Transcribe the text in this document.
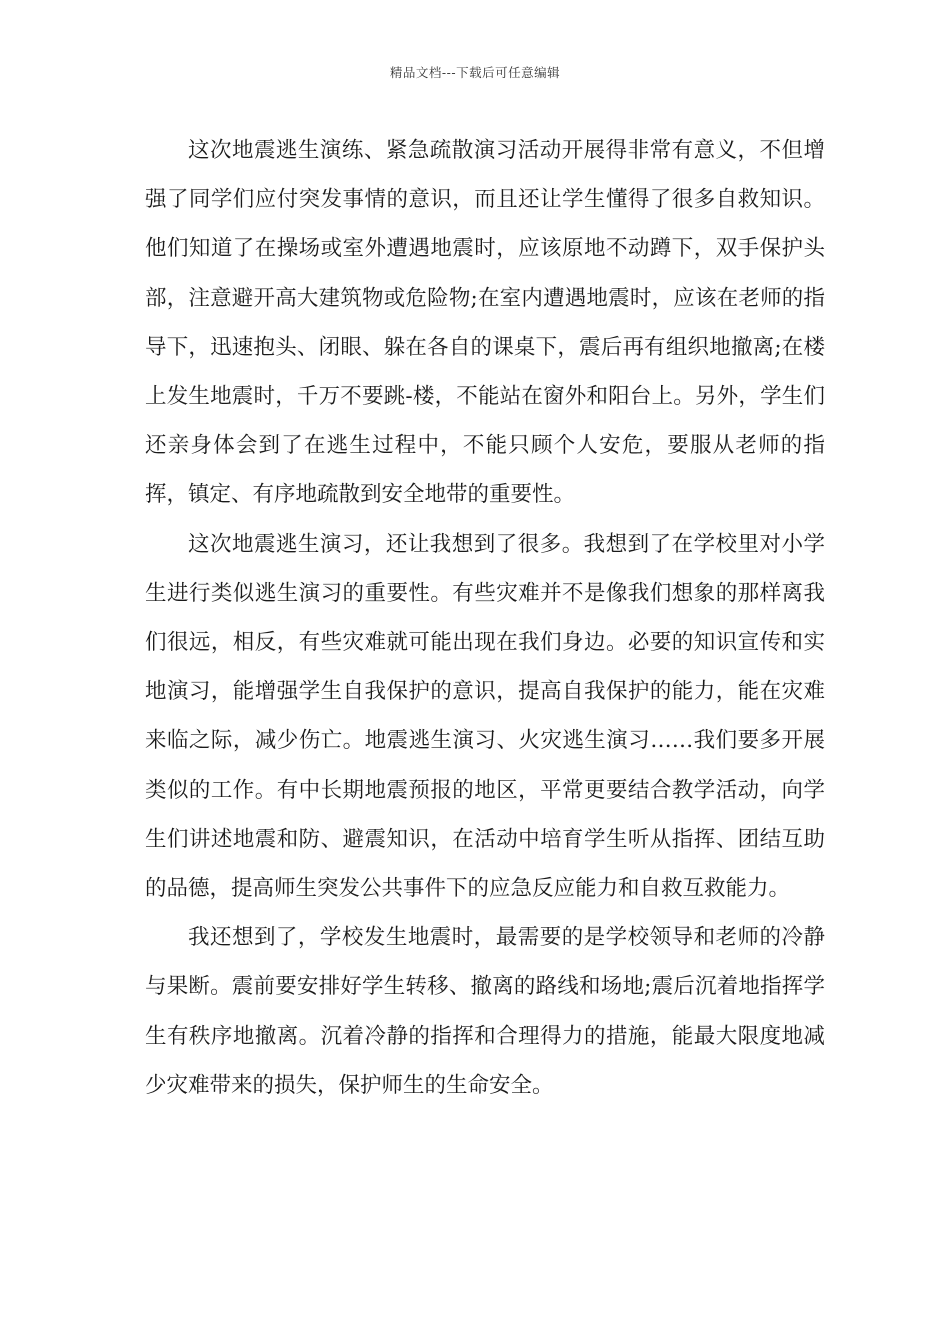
精品文档---下载后可任意编辑

这次地震逃生演练、紧急疏散演习活动开展得非常有意义，不但增强了同学们应付突发事情的意识，而且还让学生懂得了很多自救知识。他们知道了在操场或室外遭遇地震时，应该原地不动蹲下，双手保护头部，注意避开高大建筑物或危险物;在室内遭遇地震时，应该在老师的指导下，迅速抱头、闭眼、躲在各自的课桌下，震后再有组织地撤离;在楼上发生地震时，千万不要跳-楼，不能站在窗外和阳台上。另外，学生们还亲身体会到了在逃生过程中，不能只顾个人安危，要服从老师的指挥，镇定、有序地疏散到安全地带的重要性。

这次地震逃生演习，还让我想到了很多。我想到了在学校里对小学生进行类似逃生演习的重要性。有些灾难并不是像我们想象的那样离我们很远，相反，有些灾难就可能出现在我们身边。必要的知识宣传和实地演习，能增强学生自我保护的意识，提高自我保护的能力，能在灾难来临之际，减少伤亡。地震逃生演习、火灾逃生演习……我们要多开展类似的工作。有中长期地震预报的地区，平常更要结合教学活动，向学生们讲述地震和防、避震知识，在活动中培育学生听从指挥、团结互助的品德，提高师生突发公共事件下的应急反应能力和自救互救能力。

我还想到了，学校发生地震时，最需要的是学校领导和老师的冷静与果断。震前要安排好学生转移、撤离的路线和场地;震后沉着地指挥学生有秩序地撤离。沉着冷静的指挥和合理得力的措施，能最大限度地减少灾难带来的损失，保护师生的生命安全。
